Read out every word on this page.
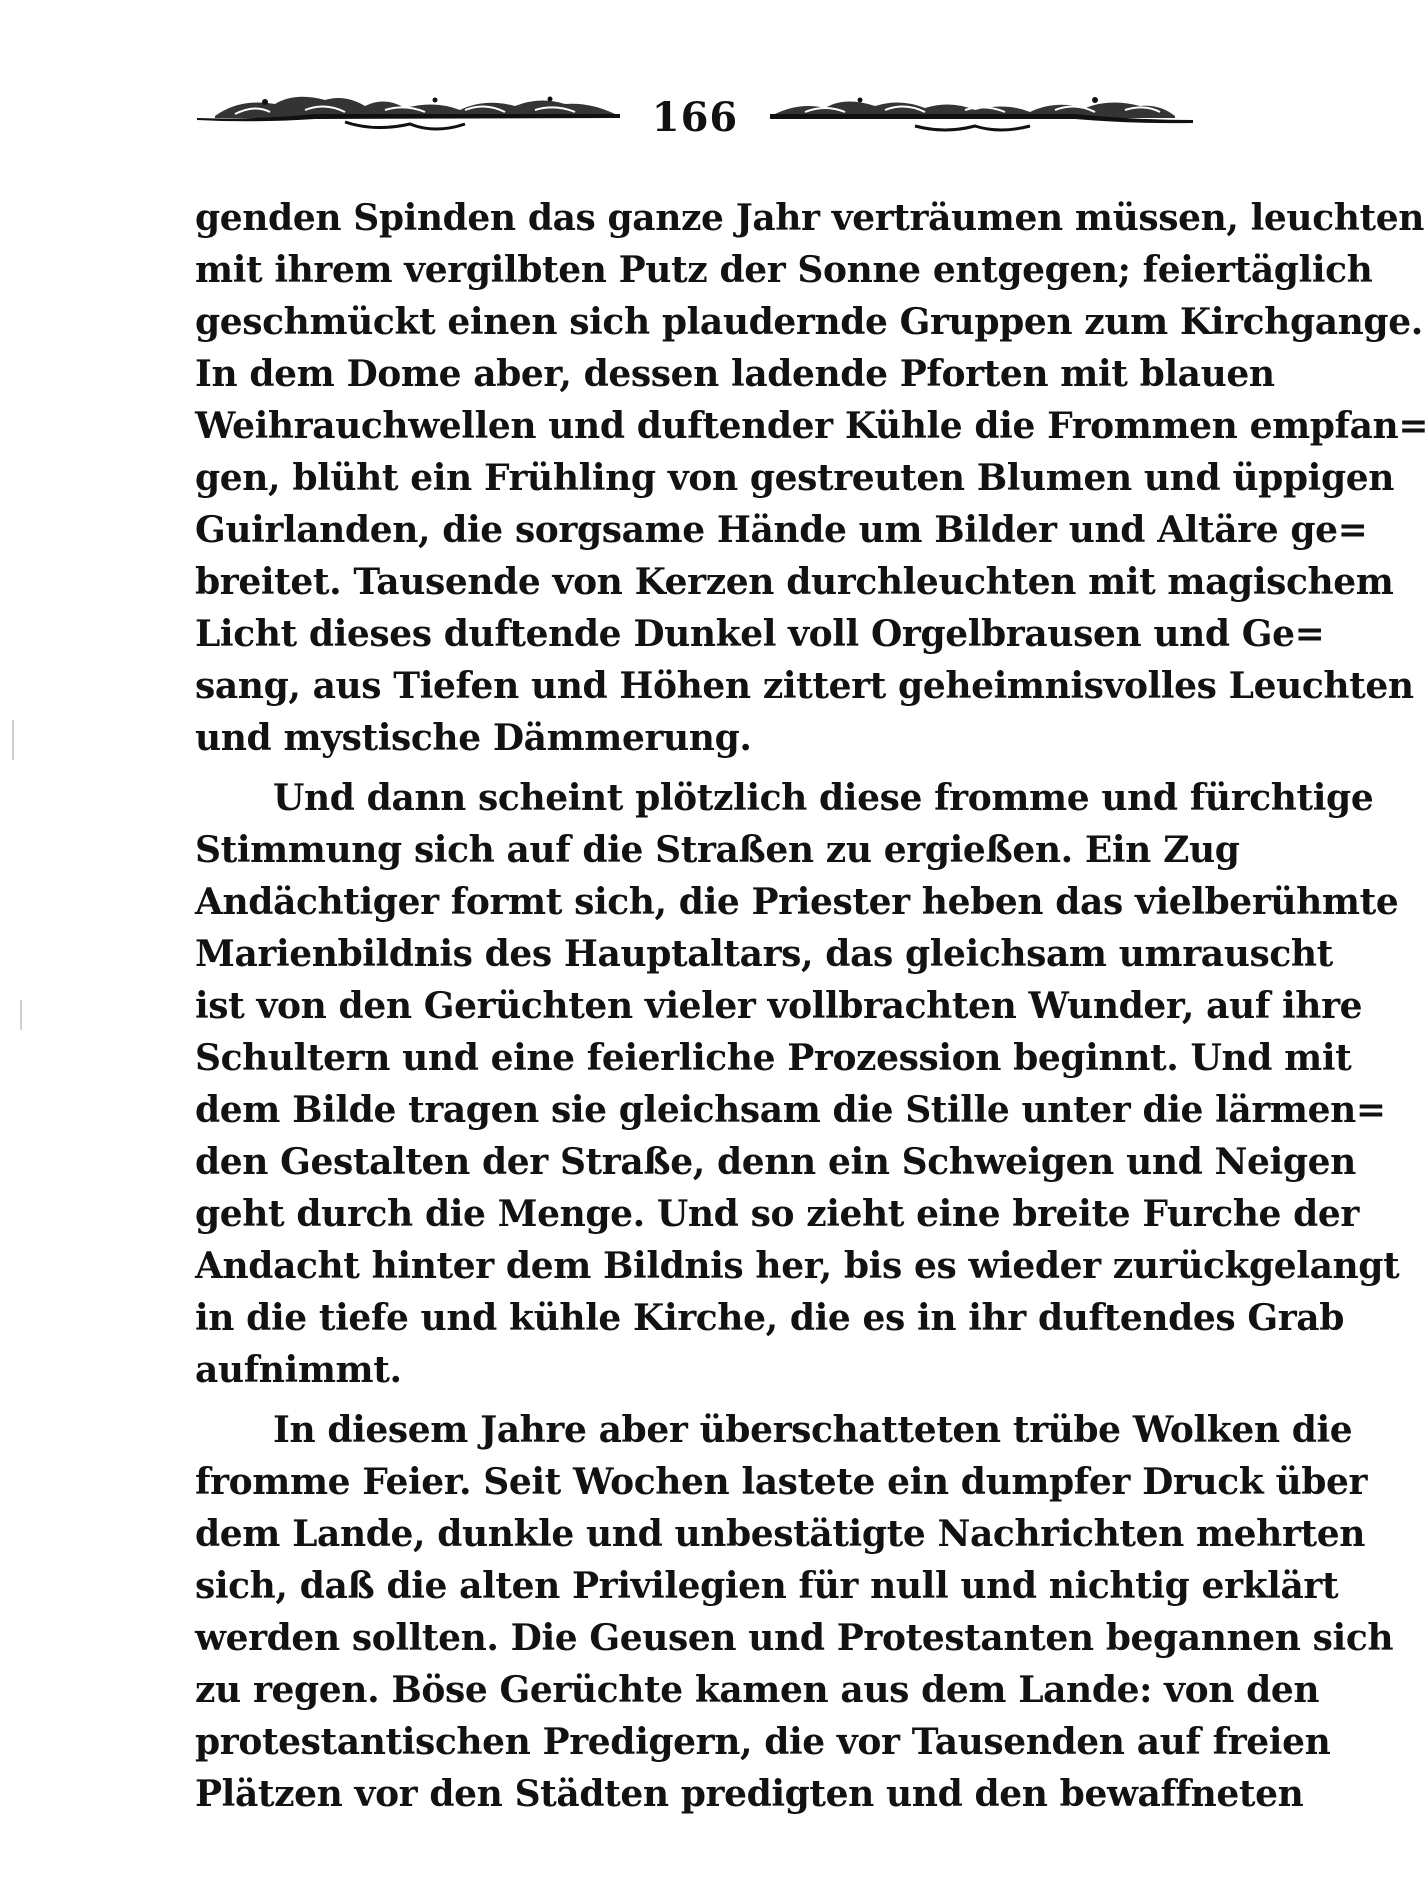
166
genden Spinden das ganze Jahr verträumen müssen, leuchten
mit ihrem vergilbten Putz der Sonne entgegen; feiertäglich
geschmückt einen sich plaudernde Gruppen zum Kirchgange.
In dem Dome aber, dessen ladende Pforten mit blauen
Weihrauchwellen und duftender Kühle die Frommen empfan=
gen, blüht ein Frühling von gestreuten Blumen und üppigen
Guirlanden, die sorgsame Hände um Bilder und Altäre ge=
breitet. Tausende von Kerzen durchleuchten mit magischem
Licht dieses duftende Dunkel voll Orgelbrausen und Ge=
sang, aus Tiefen und Höhen zittert geheimnisvolles Leuchten
und mystische Dämmerung.
Und dann scheint plötzlich diese fromme und fürchtige
Stimmung sich auf die Straßen zu ergießen. Ein Zug
Andächtiger formt sich, die Priester heben das vielberühmte
Marienbildnis des Hauptaltars, das gleichsam umrauscht
ist von den Gerüchten vieler vollbrachten Wunder, auf ihre
Schultern und eine feierliche Prozession beginnt. Und mit
dem Bilde tragen sie gleichsam die Stille unter die lärmen=
den Gestalten der Straße, denn ein Schweigen und Neigen
geht durch die Menge. Und so zieht eine breite Furche der
Andacht hinter dem Bildnis her, bis es wieder zurückgelangt
in die tiefe und kühle Kirche, die es in ihr duftendes Grab
aufnimmt.
In diesem Jahre aber überschatteten trübe Wolken die
fromme Feier. Seit Wochen lastete ein dumpfer Druck über
dem Lande, dunkle und unbestätigte Nachrichten mehrten
sich, daß die alten Privilegien für null und nichtig erklärt
werden sollten. Die Geusen und Protestanten begannen sich
zu regen. Böse Gerüchte kamen aus dem Lande: von den
protestantischen Predigern, die vor Tausenden auf freien
Plätzen vor den Städten predigten und den bewaffneten
